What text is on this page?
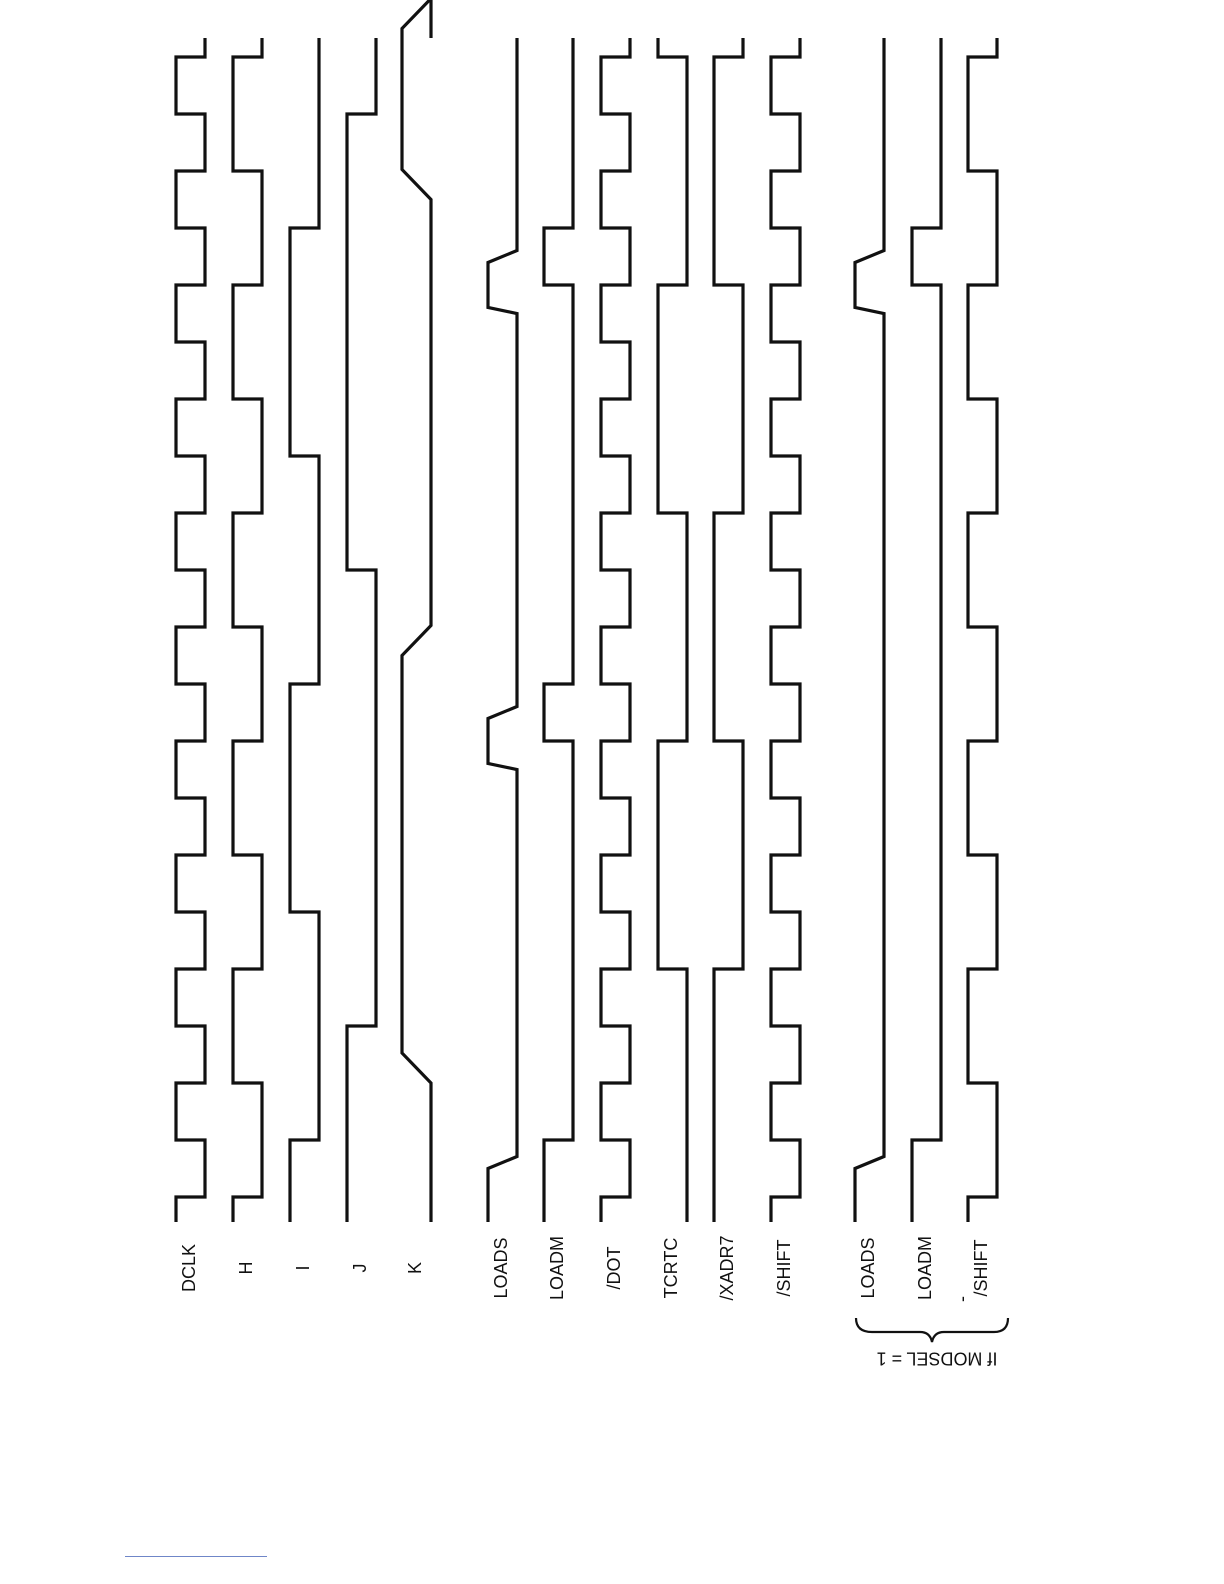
DCLK H I J K	LOADS LOADM /DOT TCRTC /XADR7 /SHIFT	LOADS LOADM /SHIFT
If MODSEL = 1
-
